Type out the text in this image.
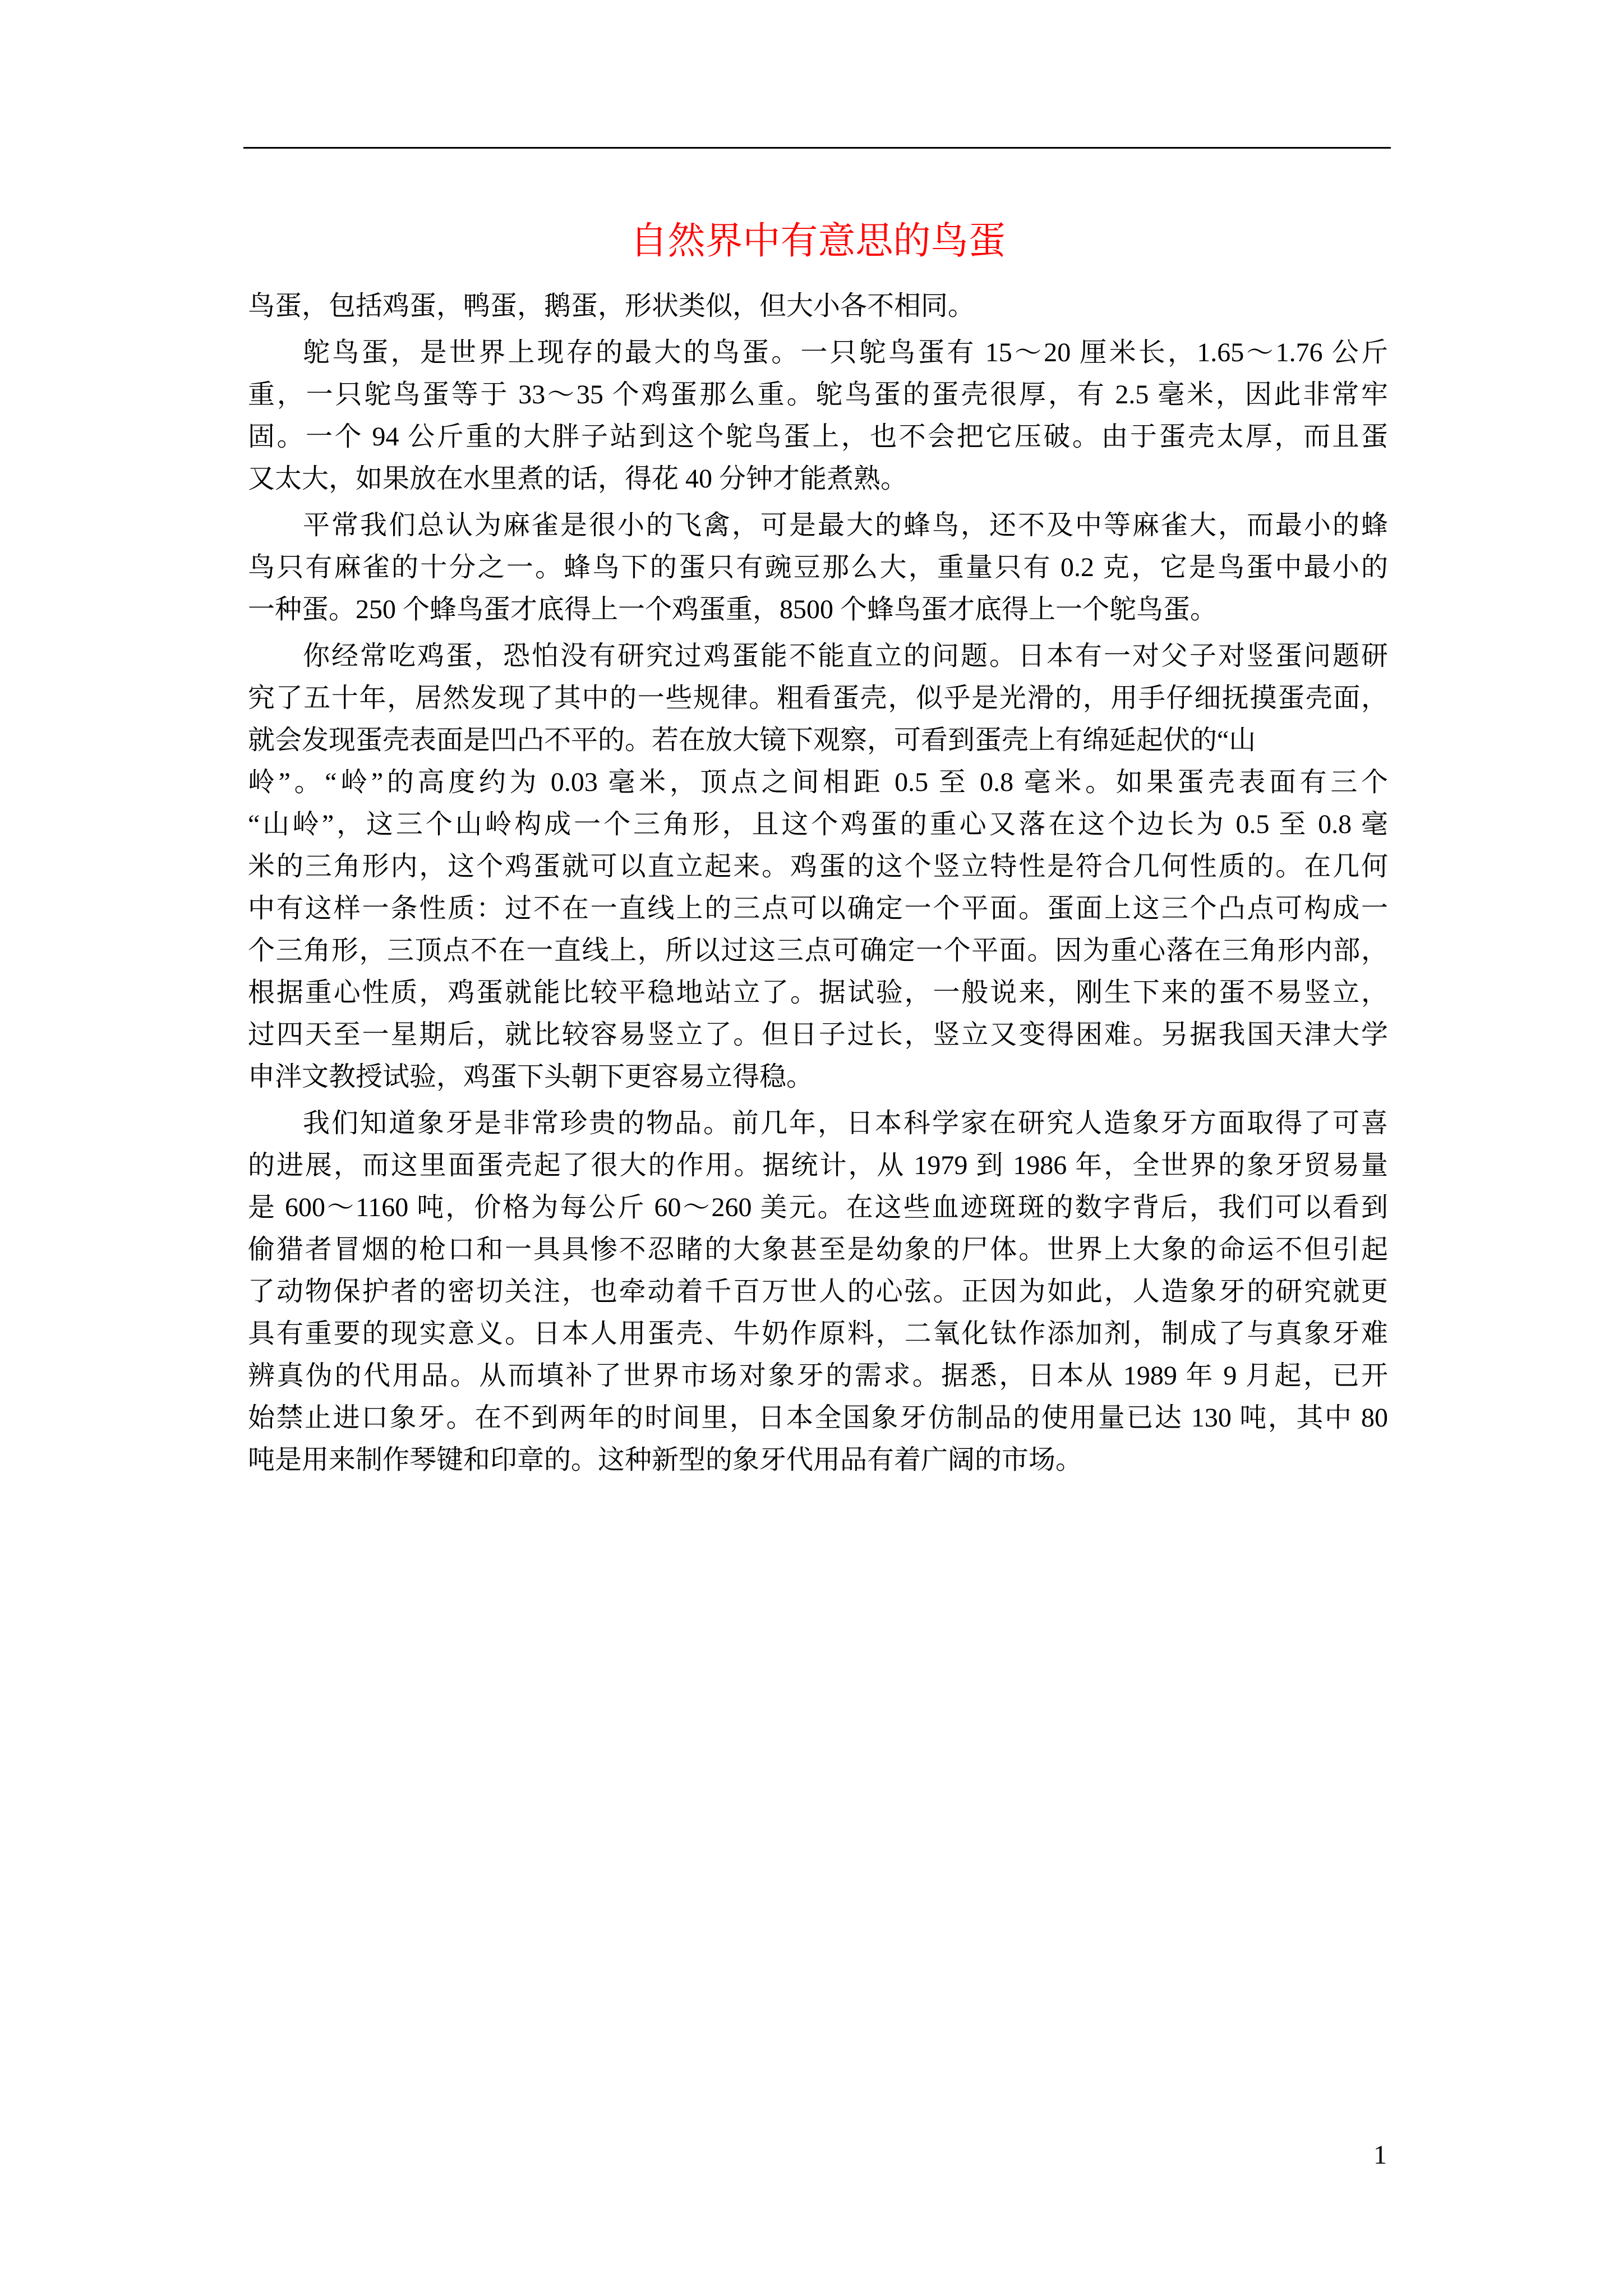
自然界中有意思的鸟蛋
鸟蛋，包括鸡蛋，鸭蛋，鹅蛋，形状类似，但大小各不相同。
鸵鸟蛋，是世界上现存的最大的鸟蛋。一只鸵鸟蛋有 15～20 厘米长，1.65～1.76 公斤
重，一只鸵鸟蛋等于 33～35 个鸡蛋那么重。鸵鸟蛋的蛋壳很厚，有 2.5 毫米，因此非常牢
固。一个 94 公斤重的大胖子站到这个鸵鸟蛋上，也不会把它压破。由于蛋壳太厚，而且蛋
又太大，如果放在水里煮的话，得花 40 分钟才能煮熟。
平常我们总认为麻雀是很小的飞禽，可是最大的蜂鸟，还不及中等麻雀大，而最小的蜂
鸟只有麻雀的十分之一。蜂鸟下的蛋只有豌豆那么大，重量只有 0.2 克，它是鸟蛋中最小的
一种蛋。250 个蜂鸟蛋才底得上一个鸡蛋重，8500 个蜂鸟蛋才底得上一个鸵鸟蛋。
你经常吃鸡蛋，恐怕没有研究过鸡蛋能不能直立的问题。日本有一对父子对竖蛋问题研
究了五十年，居然发现了其中的一些规律。粗看蛋壳，似乎是光滑的，用手仔细抚摸蛋壳面，
就会发现蛋壳表面是凹凸不平的。若在放大镜下观察，可看到蛋壳上有绵延起伏的“山
岭”。“岭”的高度约为 0.03 毫米，顶点之间相距 0.5 至 0.8 毫米。如果蛋壳表面有三个
“山岭”，这三个山岭构成一个三角形，且这个鸡蛋的重心又落在这个边长为 0.5 至 0.8 毫
米的三角形内，这个鸡蛋就可以直立起来。鸡蛋的这个竖立特性是符合几何性质的。在几何
中有这样一条性质：过不在一直线上的三点可以确定一个平面。蛋面上这三个凸点可构成一
个三角形，三顶点不在一直线上，所以过这三点可确定一个平面。因为重心落在三角形内部，
根据重心性质，鸡蛋就能比较平稳地站立了。据试验，一般说来，刚生下来的蛋不易竖立，
过四天至一星期后，就比较容易竖立了。但日子过长，竖立又变得困难。另据我国天津大学
申泮文教授试验，鸡蛋下头朝下更容易立得稳。
我们知道象牙是非常珍贵的物品。前几年，日本科学家在研究人造象牙方面取得了可喜
的进展，而这里面蛋壳起了很大的作用。据统计，从 1979 到 1986 年，全世界的象牙贸易量
是 600～1160 吨，价格为每公斤 60～260 美元。在这些血迹斑斑的数字背后，我们可以看到
偷猎者冒烟的枪口和一具具惨不忍睹的大象甚至是幼象的尸体。世界上大象的命运不但引起
了动物保护者的密切关注，也牵动着千百万世人的心弦。正因为如此，人造象牙的研究就更
具有重要的现实意义。日本人用蛋壳、牛奶作原料，二氧化钛作添加剂，制成了与真象牙难
辨真伪的代用品。从而填补了世界市场对象牙的需求。据悉，日本从 1989 年 9 月起，已开
始禁止进口象牙。在不到两年的时间里，日本全国象牙仿制品的使用量已达 130 吨，其中 80
吨是用来制作琴键和印章的。这种新型的象牙代用品有着广阔的市场。
1
